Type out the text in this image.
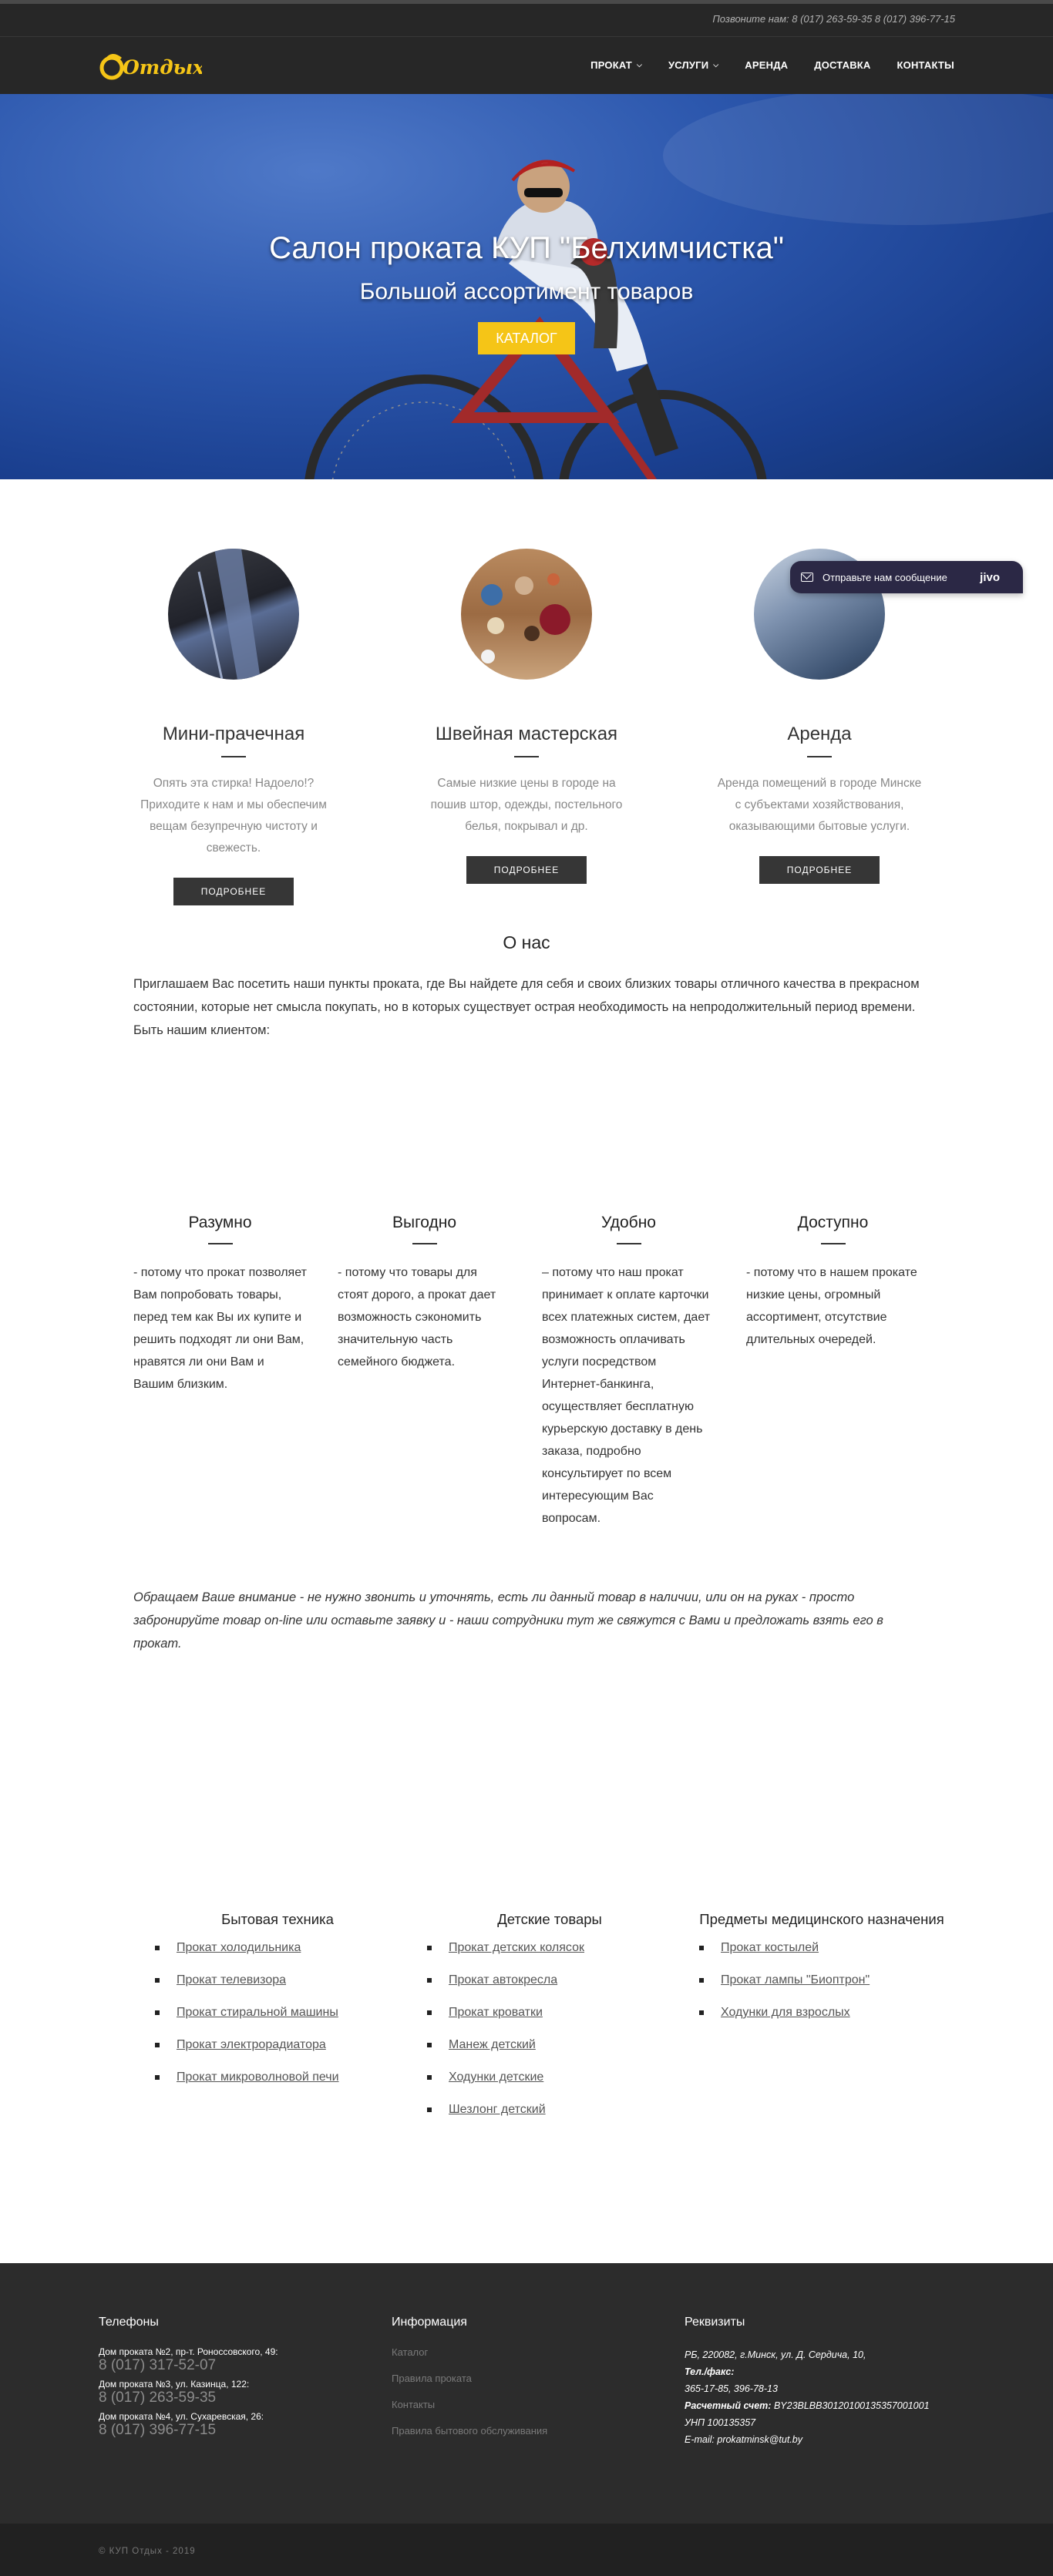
Позвоните нам: 8 (017) 263-59-35 8 (017) 396-77-15
Отдых	ПРОКАТ ⌵	УСЛУГИ ⌵	АРЕНДА	ДОСТАВКА	КОНТАКТЫ
Салон проката КУП "Белхимчистка"
Большой ассортимент товаров
КАТАЛОГ
Мини-прачечная

Опять эта стирка! Надоело!? Приходите к нам и мы обеспечим вещам безупречную чистоту и свежесть.

ПОДРОБНЕЕ
Швейная мастерская

Самые низкие цены в городе на пошив штор, одежды, постельного белья, покрывал и др.

ПОДРОБНЕЕ
Аренда

Аренда помещений в городе Минске с субъектами хозяйствования, оказывающими бытовые услуги.

ПОДРОБНЕЕ
Отправьте нам сообщение	jivo
О нас
Приглашаем Вас посетить наши пункты проката, где Вы найдете для себя и своих близких товары отличного качества в прекрасном состоянии, которые нет смысла покупать, но в которых существует острая необходимость на непродолжительный период времени. Быть нашим клиентом:
Разумно

- потому что прокат позволяет Вам попробовать товары, перед тем как Вы их купите и решить подходят ли они Вам, нравятся ли они Вам и Вашим близким.

Выгодно

- потому что товары для стоят дорого, а прокат дает возможность сэкономить значительную часть семейного бюджета.

Удобно

– потому что наш прокат принимает к оплате карточки всех платежных систем, дает возможность оплачивать услуги посредством Интернет-банкинга, осуществляет бесплатную курьерскую доставку в день заказа, подробно консультирует по всем интересующим Вас вопросам.

Доступно

- потому что в нашем прокате низкие цены, огромный ассортимент, отсутствие длительных очередей.

Обращаем Ваше внимание - не нужно звонить и уточнять, есть ли данный товар в наличии, или он на руках - просто забронируйте товар on-line или оставьте заявку и - наши сотрудники тут же свяжутся с Вами и предложать взять его в прокат.
Бытовая техника
Прокат холодильника
Прокат телевизора
Прокат стиральной машины
Прокат электрорадиатора
Прокат микроволновой печи
Детские товары
Прокат детских колясок
Прокат автокресла
Прокат кроватки
Манеж детский
Ходунки детские
Шезлонг детский
Предметы медицинского назначения
Прокат костылей
Прокат лампы "Биоптрон"
Ходунки для взрослых
Телефоны
Дом проката №2, пр-т. Роноссовского, 49:
8 (017) 317-52-07
Дом проката №3, ул. Казинца, 122:
8 (017) 263-59-35
Дом проката №4, ул. Сухаревская, 26:
8 (017) 396-77-15
Информация
Каталог
Правила проката
Контакты
Правила бытового обслуживания
Реквизиты
РБ, 220082, г.Минск, ул. Д. Сердича, 10,
Тел./факс:
365-17-85, 396-78-13
Расчетный счет: BY23BLBB30120100135357001001
УНП 100135357
E-mail: prokatminsk@tut.by
© КУП Отдых - 2019
